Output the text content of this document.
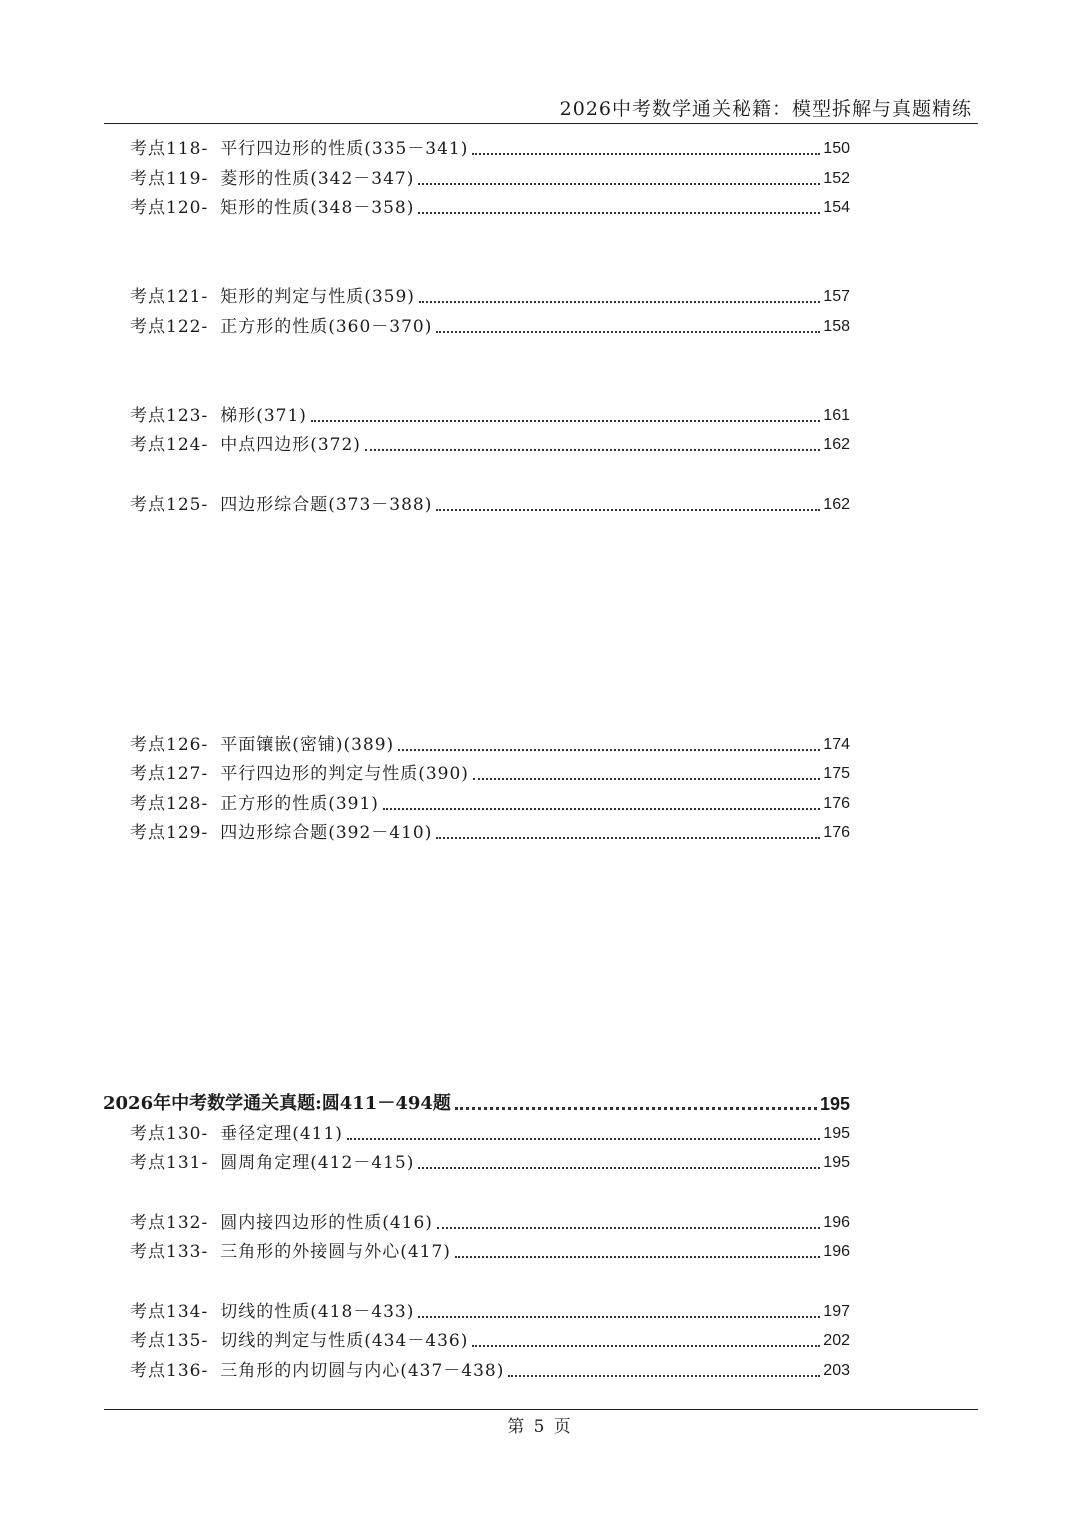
2026中考数学通关秘籍：模型拆解与真题精练
考点118- 平行四边形的性质(335－341)	150
考点119- 菱形的性质(342－347)	152
考点120- 矩形的性质(348－358)	154
考点121- 矩形的判定与性质(359)	157
考点122- 正方形的性质(360－370)	158
考点123- 梯形(371)	161
考点124- 中点四边形(372)	162
考点125- 四边形综合题(373－388)	162
考点126- 平面镶嵌(密铺)(389)	174
考点127- 平行四边形的判定与性质(390)	175
考点128- 正方形的性质(391)	176
考点129- 四边形综合题(392－410)	176
2026年中考数学通关真题:圆411－494题	195
考点130- 垂径定理(411)	195
考点131- 圆周角定理(412－415)	195
考点132- 圆内接四边形的性质(416)	196
考点133- 三角形的外接圆与外心(417)	196
考点134- 切线的性质(418－433)	197
考点135- 切线的判定与性质(434－436)	202
考点136- 三角形的内切圆与内心(437－438)	203
第 5 页
